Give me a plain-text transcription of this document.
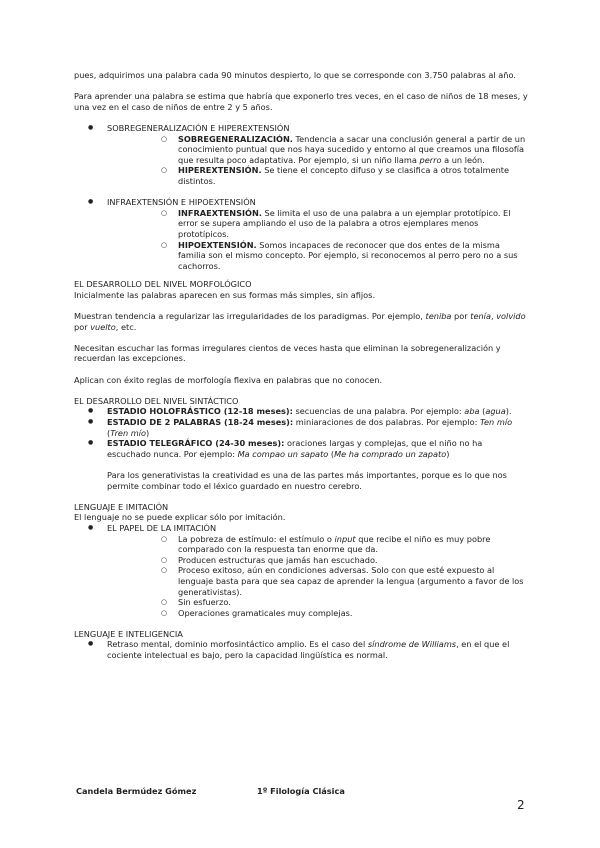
pues, adquirimos una palabra cada 90 minutos despierto, lo que se corresponde con 3.750 palabras al año.

Para aprender una palabra se estima que habría que exponerlo tres veces, en el caso de niños de 18 meses, y una vez en el caso de niños de entre 2 y 5 años.

● SOBREGENERALIZACIÓN E HIPEREXTENSIÓN
○ SOBREGENERALIZACIÓN. Tendencia a sacar una conclusión general a partir de un conocimiento puntual que nos haya sucedido y entorno al que creamos una filosofía que resulta poco adaptativa. Por ejemplo, si un niño llama perro a un león.
○ HIPEREXTENSIÓN. Se tiene el concepto difuso y se clasifica a otros totalmente distintos.
● INFRAEXTENSIÓN E HIPOEXTENSIÓN
○ INFRAEXTENSIÓN. Se limita el uso de una palabra a un ejemplar prototípico. El error se supera ampliando el uso de la palabra a otros ejemplares menos prototípicos.
○ HIPOEXTENSIÓN. Somos incapaces de reconocer que dos entes de la misma familia son el mismo concepto. Por ejemplo, si reconocemos al perro pero no a sus cachorros.

EL DESARROLLO DEL NIVEL MORFOLÓGICO

Inicialmente las palabras aparecen en sus formas más simples, sin afijos.

Muestran tendencia a regularizar las irregularidades de los paradigmas. Por ejemplo, teniba por tenía, volvido por vuelto, etc.

Necesitan escuchar las formas irregulares cientos de veces hasta que eliminan la sobregeneralización y recuerdan las excepciones.

Aplican con éxito reglas de morfología flexiva en palabras que no conocen.

EL DESARROLLO DEL NIVEL SINTÁCTICO

● ESTADIO HOLOFRÁSTICO (12-18 meses): secuencias de una palabra. Por ejemplo: aba (agua).
● ESTADIO DE 2 PALABRAS (18-24 meses): miniaraciones de dos palabras. Por ejemplo: Ten mío (Tren mío)
● ESTADIO TELEGRÁFICO (24-30 meses): oraciones largas y complejas, que el niño no ha escuchado nunca. Por ejemplo: Ma compao un sapato (Me ha comprado un zapato)

Para los generativistas la creatividad es una de las partes más importantes, porque es lo que nos permite combinar todo el léxico guardado en nuestro cerebro.

LENGUAJE E IMITACIÓN

El lenguaje no se puede explicar sólo por imitación.

● EL PAPEL DE LA IMITACIÓN
○ La pobreza de estímulo: el estímulo o input que recibe el niño es muy pobre comparado con la respuesta tan enorme que da.
○ Producen estructuras que jamás han escuchado.
○ Proceso exitoso, aún en condiciones adversas. Solo con que esté expuesto al lenguaje basta para que sea capaz de aprender la lengua (argumento a favor de los generativistas).
○ Sin esfuerzo.
○ Operaciones gramaticales muy complejas.

LENGUAJE E INTELIGENCIA

● Retraso mental, dominio morfosintáctico amplio. Es el caso del síndrome de Williams, en el que el cociente intelectual es bajo, pero la capacidad lingüística es normal.
Candela Bermúdez Gómez	1º Filología Clásica
2
